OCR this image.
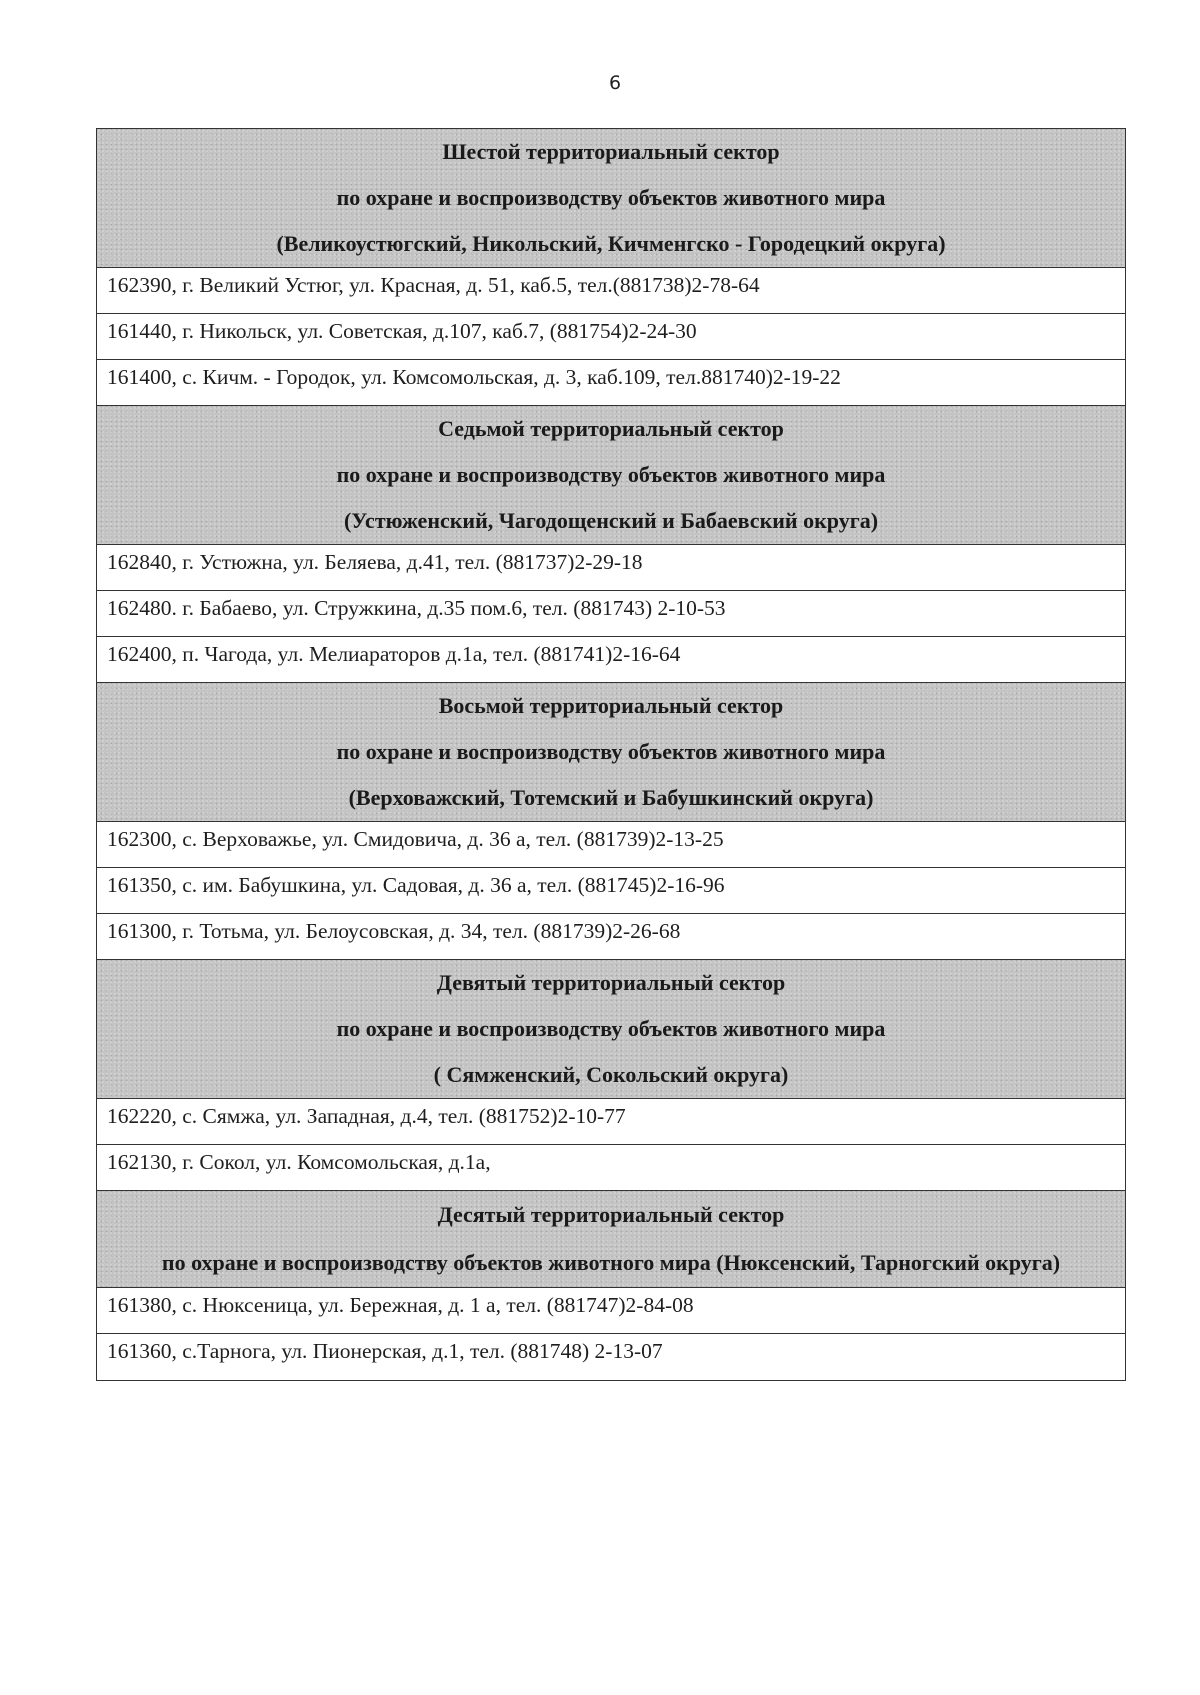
6
Шестой территориальный сектор
по охране и воспроизводству объектов животного мира
(Великоустюгский, Никольский, Кичменгско - Городецкий округа)
162390, г. Великий Устюг, ул. Красная, д. 51, каб.5, тел.(881738)2-78-64
161440, г. Никольск, ул. Советская, д.107, каб.7, (881754)2-24-30
161400, с. Кичм. - Городок, ул. Комсомольская, д. 3, каб.109, тел.881740)2-19-22
Седьмой территориальный сектор
по охране и воспроизводству объектов животного мира
(Устюженский, Чагодощенский и Бабаевский округа)
162840, г. Устюжна, ул. Беляева, д.41, тел. (881737)2-29-18
162480. г. Бабаево, ул. Стружкина, д.35 пом.6, тел. (881743) 2-10-53
162400, п. Чагода, ул. Мелиараторов д.1а, тел. (881741)2-16-64
Восьмой территориальный сектор
по охране и воспроизводству объектов животного мира
(Верховажский, Тотемский и Бабушкинский округа)
162300, с. Верховажье, ул. Смидовича, д. 36 а, тел. (881739)2-13-25
161350, с. им. Бабушкина, ул. Садовая, д. 36 а, тел. (881745)2-16-96
161300, г. Тотьма, ул. Белоусовская, д. 34, тел. (881739)2-26-68
Девятый территориальный сектор
по охране и воспроизводству объектов животного мира
( Сямженский, Сокольский округа)
162220, с. Сямжа, ул. Западная, д.4, тел. (881752)2-10-77
162130, г. Сокол, ул. Комсомольская, д.1а,
Десятый территориальный сектор
по охране и воспроизводству объектов животного мира (Нюксенский, Тарногский округа)
161380, с. Нюксеница, ул. Бережная, д. 1 а, тел. (881747)2-84-08
161360, с.Тарнога, ул. Пионерская, д.1, тел. (881748) 2-13-07
